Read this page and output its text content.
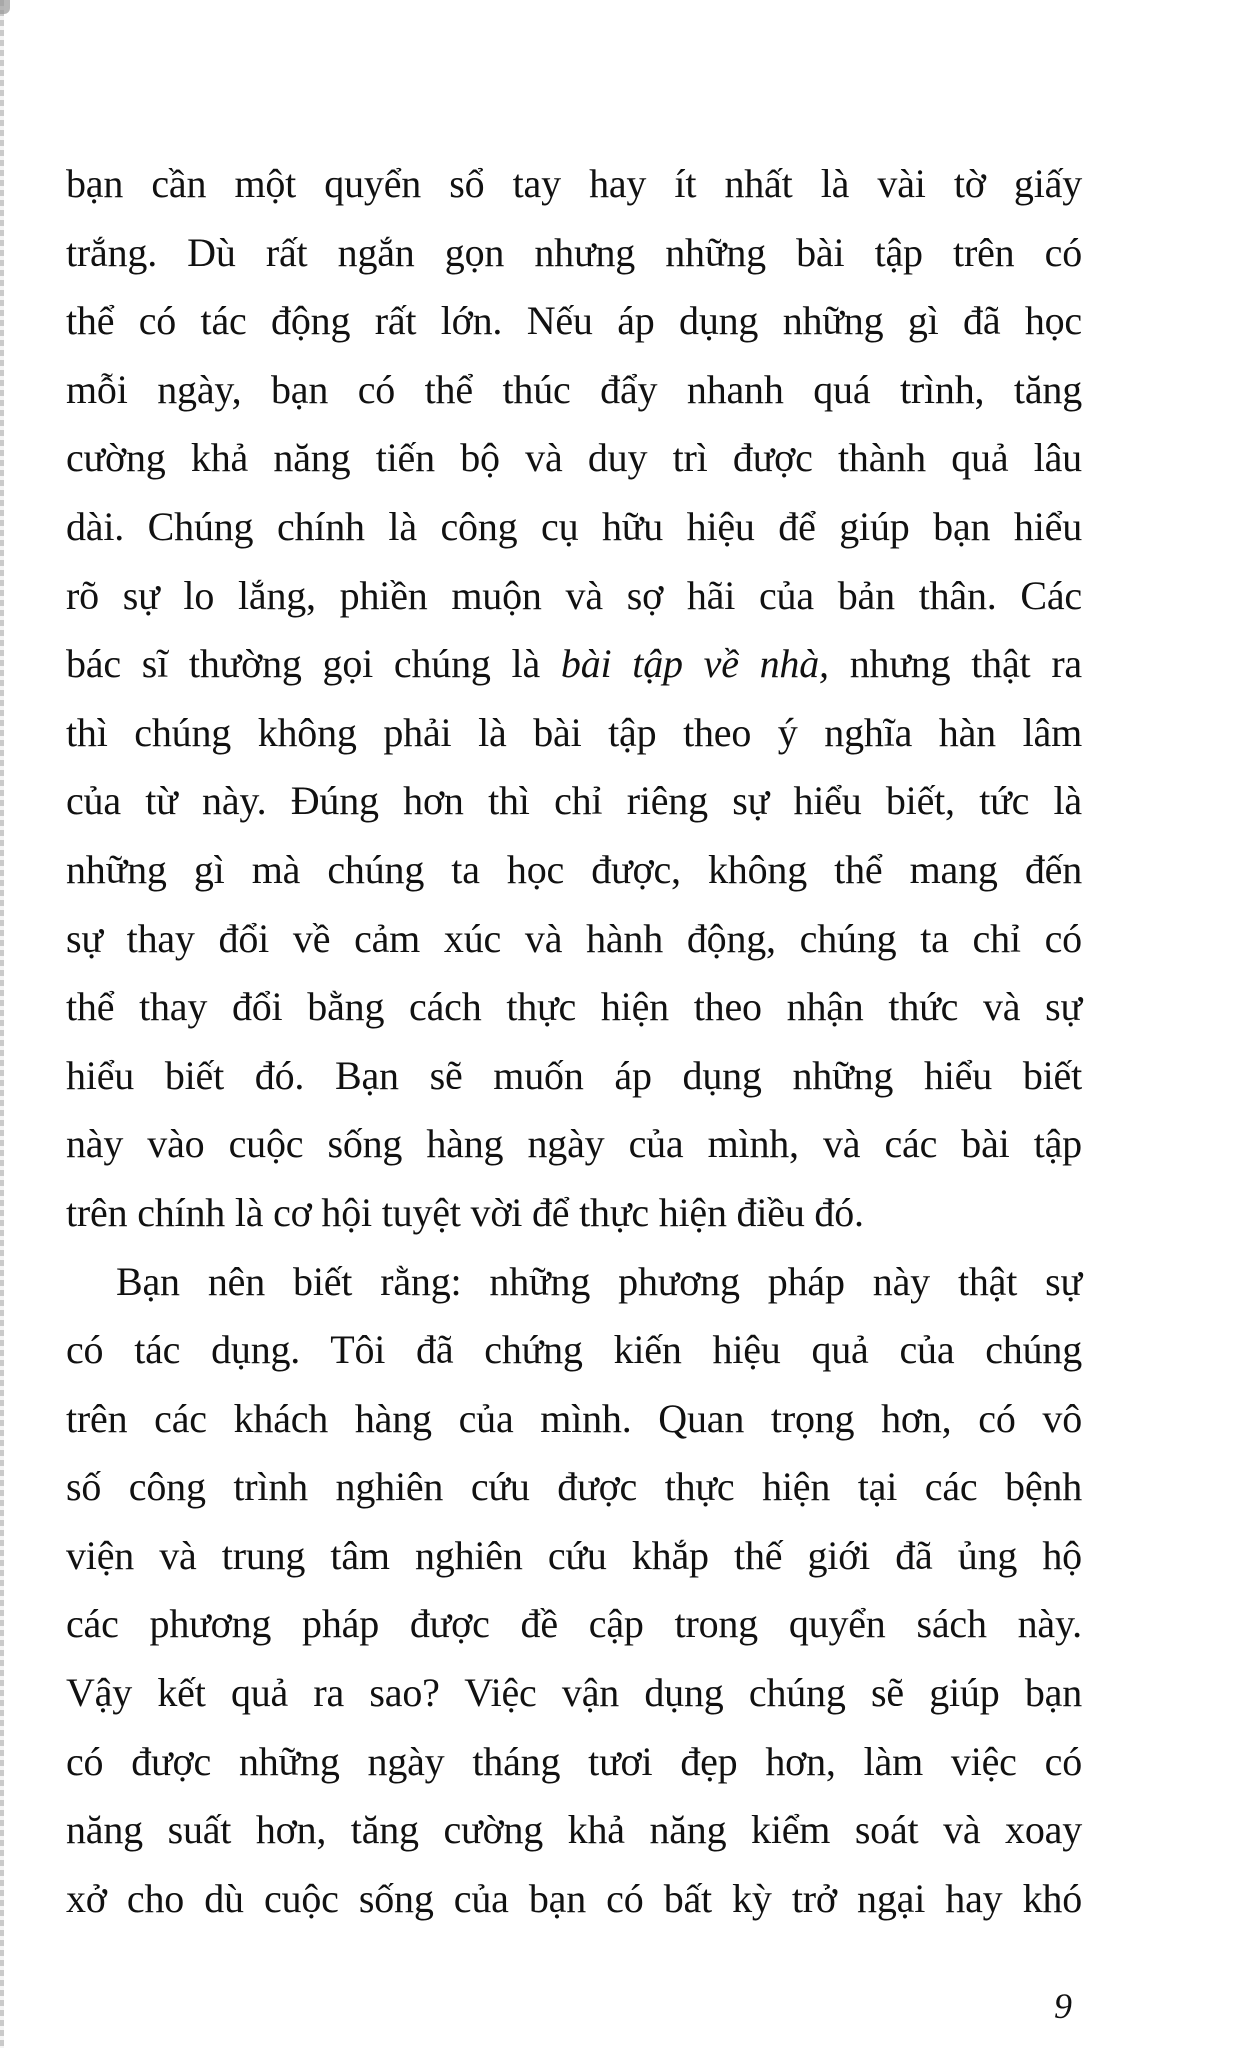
bạn cần một quyển sổ tay hay ít nhất là vài tờ giấy
trắng. Dù rất ngắn gọn nhưng những bài tập trên có
thể có tác động rất lớn. Nếu áp dụng những gì đã học
mỗi ngày, bạn có thể thúc đẩy nhanh quá trình, tăng
cường khả năng tiến bộ và duy trì được thành quả lâu
dài. Chúng chính là công cụ hữu hiệu để giúp bạn hiểu
rõ sự lo lắng, phiền muộn và sợ hãi của bản thân. Các
bác sĩ thường gọi chúng là bài tập về nhà, nhưng thật ra
thì chúng không phải là bài tập theo ý nghĩa hàn lâm
của từ này. Đúng hơn thì chỉ riêng sự hiểu biết, tức là
những gì mà chúng ta học được, không thể mang đến
sự thay đổi về cảm xúc và hành động, chúng ta chỉ có
thể thay đổi bằng cách thực hiện theo nhận thức và sự
hiểu biết đó. Bạn sẽ muốn áp dụng những hiểu biết
này vào cuộc sống hàng ngày của mình, và các bài tập
trên chính là cơ hội tuyệt vời để thực hiện điều đó.
Bạn nên biết rằng: những phương pháp này thật sự
có tác dụng. Tôi đã chứng kiến hiệu quả của chúng
trên các khách hàng của mình. Quan trọng hơn, có vô
số công trình nghiên cứu được thực hiện tại các bệnh
viện và trung tâm nghiên cứu khắp thế giới đã ủng hộ
các phương pháp được đề cập trong quyển sách này.
Vậy kết quả ra sao? Việc vận dụng chúng sẽ giúp bạn
có được những ngày tháng tươi đẹp hơn, làm việc có
năng suất hơn, tăng cường khả năng kiểm soát và xoay
xở cho dù cuộc sống của bạn có bất kỳ trở ngại hay khó
9
